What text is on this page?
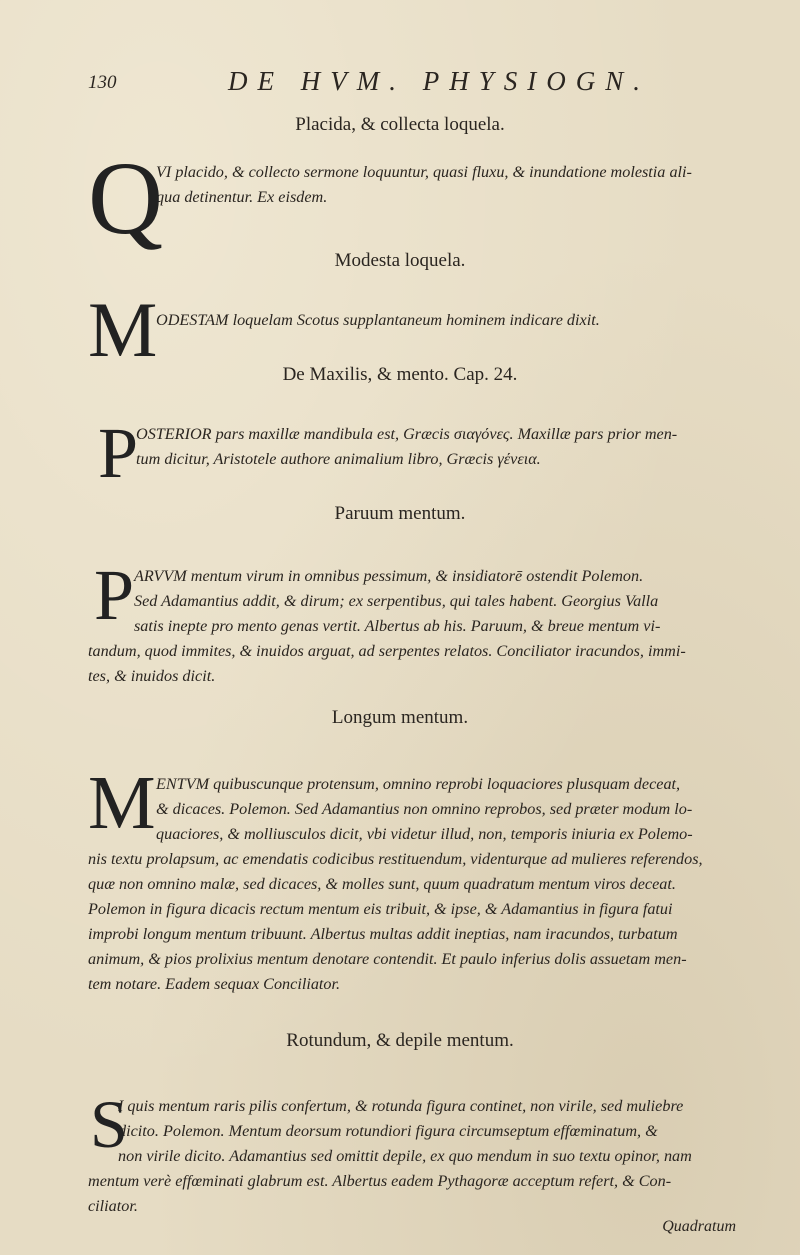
130	DE HVM. PHYSIOGN.
Placida, & collecta loquela.
Q

VI placido, & collecto sermone loquuntur, quasi fluxu, & inundatione molestia ali-

qua detinentur. Ex eisdem.

Modesta loquela.
M

ODESTAM loquelam Scotus supplantaneum hominem indicare dixit.

De Maxilis, & mento. Cap. 24.
P

OSTERIOR pars maxillæ mandibula est, Græcis σιαγόνες. Maxillæ pars prior men-

tum dicitur, Aristotele authore animalium libro, Græcis γένεια.

Paruum mentum.
P ARVVM mentum virum in omnibus pessimum, & insidiatorē ostendit Polemon.

Sed Adamantius addit, & dirum; ex serpentibus, qui tales habent. Georgius Valla

satis inepte pro mento genas vertit. Albertus ab his. Paruum, & breue mentum vi-

tandum, quod immites, & inuidos arguat, ad serpentes relatos. Conciliator iracundos, immi-

tes, & inuidos dicit.

Longum mentum.
M ENTVM quibuscunque protensum, omnino reprobi loquaciores plusquam deceat,

& dicaces. Polemon. Sed Adamantius non omnino reprobos, sed præter modum lo-

quaciores, & molliusculos dicit, vbi videtur illud, non, temporis iniuria ex Polemo-

nis textu prolapsum, ac emendatis codicibus restituendum, videnturque ad mulieres referendos,

quæ non omnino malæ, sed dicaces, & molles sunt, quum quadratum mentum viros deceat.

Polemon in figura dicacis rectum mentum eis tribuit, & ipse, & Adamantius in figura fatui

improbi longum mentum tribuunt. Albertus multas addit ineptias, nam iracundos, turbatum

animum, & pios prolixius mentum denotare contendit. Et paulo inferius dolis assuetam men-

tem notare. Eadem sequax Conciliator.

Rotundum, & depile mentum.
S

I quis mentum raris pilis confertum, & rotunda figura continet, non virile, sed muliebre

dicito. Polemon. Mentum deorsum rotundiori figura circumseptum effœminatum, &

non virile dicito. Adamantius sed omittit depile, ex quo mendum in suo textu opinor, nam

mentum verè effœminati glabrum est. Albertus eadem Pythagoræ acceptum refert, & Con-

ciliator.

Quadratum
